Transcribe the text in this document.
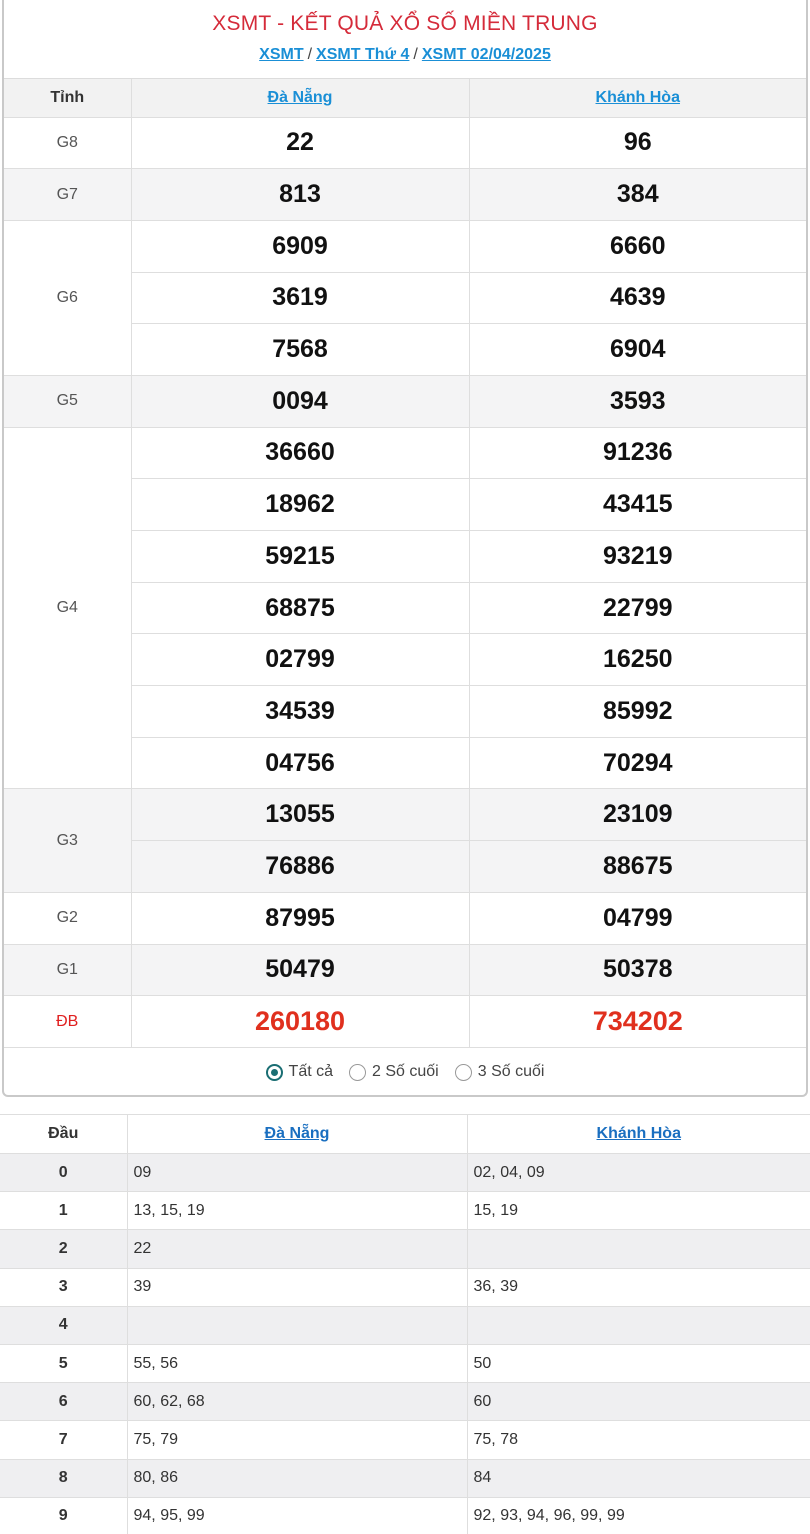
XSMT - KẾT QUẢ XỔ SỐ MIỀN TRUNG
XSMT / XSMT Thứ 4 / XSMT 02/04/2025
Tỉnh	Đà Nẵng	Khánh Hòa
G8	22	96
G7	813	384
G6	6909	6660
	3619	4639
	7568	6904
G5	0094	3593
G4	36660	91236
	18962	43415
	59215	93219
	68875	22799
	02799	16250
	34539	85992
	04756	70294
G3	13055	23109
	76886	88675
G2	87995	04799
G1	50479	50378
ĐB	260180	734202
Tất cả 2 Số cuối 3 Số cuối
Đầu	Đà Nẵng	Khánh Hòa
0	09	02, 04, 09
1	13, 15, 19	15, 19
2	22	
3	39	36, 39
4		
5	55, 56	50
6	60, 62, 68	60
7	75, 79	75, 78
8	80, 86	84
9	94, 95, 99	92, 93, 94, 96, 99, 99
